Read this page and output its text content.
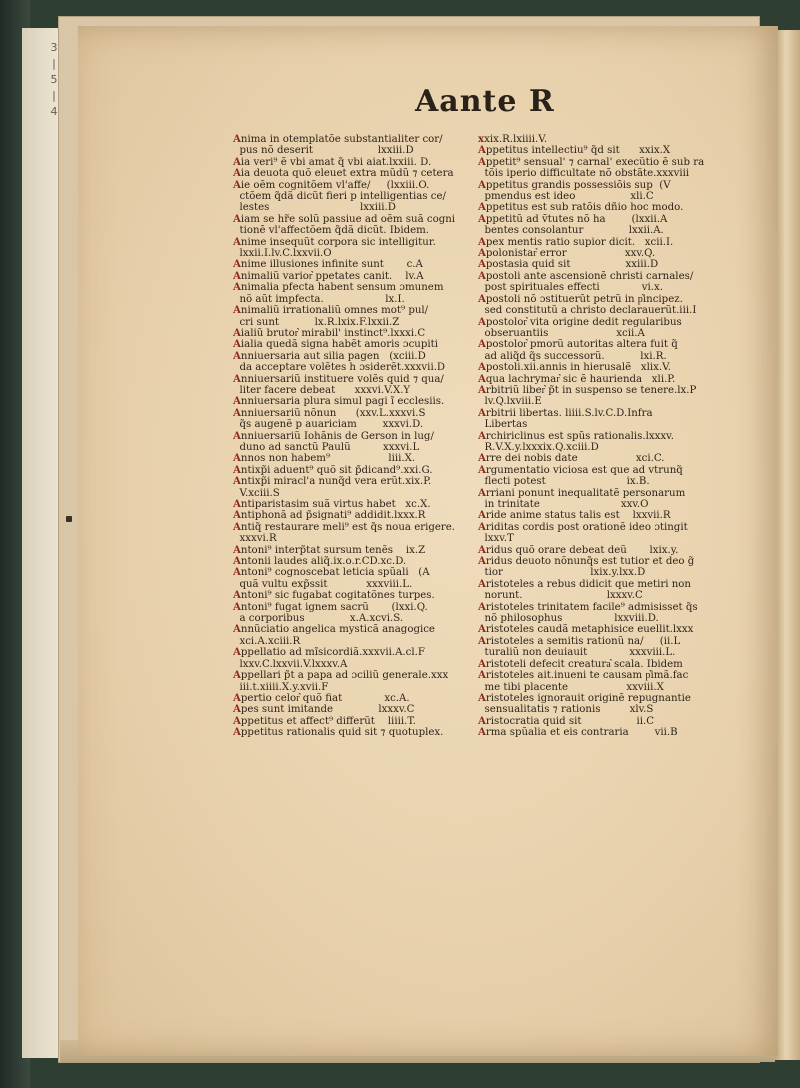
3 | 5 | 4	Aante R

Anima in otemplatõe substantialiter cor/

pus nõ deserit                    lxxiii.D

Aia veri⁹ ẽ vbi amat q̃ vbi aiat.lxxiii. D.

Aia deuota quõ eleuet extra mũdũ ⁊ cetera

Aie oẽm cognitõem vl'affe/     (lxxiii.O.

ctõem q̃dã dicũt fieri p intelligentias ce/

lestes                            lxxiii.D

Aiam se hr̃e solũ passiue ad oẽm suã cogni

tionẽ vl'affectõem q̃dã dicũt. Ibidem.

Anime insequũt corpora sic intelligitur.

lxxii.I.lv.C.lxxvii.O

Anime illusiones infinite sunt       c.A

Animaliũ varior͛ ppetates canit.    lv.A

Animalia pfecta habent sensum ɔmunem

nõ aũt impfecta.                   lx.I.

Animaliũ irrationaliũ omnes mot⁹ pul/

cri sunt           lx.R.lxix.F.lxxii.Z

Aialiũ brutor͛ mirabil' instinct⁹.lxxxi.C

Aialia quedã signa habẽt amoris ɔcupiti

Anniuersaria aut silia pagen   (xciii.D

da acceptare volẽtes h ɔsiderẽt.xxxvii.D

Anniuersariũ instituere volẽs quid ⁊ qua/

liter facere debeat      xxxvi.V.X.Y

Anniuersaria plura simul pagi ĩ ecclesiis.

Anniuersariũ nõnun      (xxv.L.xxxvi.S

q̃s augenẽ p auariciam        xxxvi.D.

Anniuersariũ Iohãnis de Gerson in lug/

duno ad sanctũ Paulũ          xxxvi.L

Annos non habem⁹                  liii.X.

Antixp̃i aduent⁹ quõ sit p̃dicand⁹.xxi.G.

Antixp̃i miracl'a nunq̃d vera erũt.xix.P.

V.xciii.S

Antiparistasim suã virtus habet   xc.X.

Antiphonã ad p̃signati⁹ addidit.lxxx.R

Antiq̃ restaurare meli⁹ est q̃s noua erigere.

xxxvi.R

Antoni⁹ interp̃tat sursum tenẽs    ix.Z

Antonii laudes aliq̃.ix.o.r.CD.xc.D.

Antoni⁹ cognoscebat leticia spũali   (A

quã vultu exp̃ssit            xxxviii.L.

Antoni⁹ sic fugabat cogitatõnes turpes.

Antoni⁹ fugat ignem sacrũ       (lxxi.Q.

a corporibus              x.A.xcvi.S.

Annũciatio angelica mysticã anagogice

xci.A.xciii.R

Appellatio ad mĩsicordiã.xxxvii.A.cl.F

lxxv.C.lxxvii.V.lxxxv.A

Appellari p̃t a papa ad ɔciliũ generale.xxx

iii.t.xiiii.X.y.xvii.F

Apertio celor͛ quõ fiat             xc.A.

Apes sunt imitande              lxxxv.C

Appetitus et affect⁹ differũt    liiii.T.

Appetitus rationalis quid sit ⁊ quotuplex.

xxix.R.lxiiii.V.

Appetitus intellectiu⁹ q̃d sit      xxix.X

Appetit⁹ sensual' ⁊ carnal' execũtio ẽ sub ra

tõis iperio difficultate nõ obstãte.xxxviii

Appetitus grandis possessiõis sup  (V

pmendus est ideo                 xli.C

Appetitus est sub ratõis dñio hoc modo.

Appetitũ ad v̄tutes nõ ha        (lxxii.A

bentes consolantur              lxxii.A.

Apex mentis ratio supior dicit.   xcii.I.

Apolonistar͛ error                  xxv.Q.

Apostasia quid sit                 xxiii.D

Apostoli ante ascensionẽ christi carnales/

post spirituales effecti             vi.x.

Apostoli nõ ɔstituerũt petrũ in p͛incipez.

sed constitutũ a christo declarauerũt.iii.I

Apostolor͛ vita origine dedit regularibus

obseruantiis                     xcii.A

Apostolor͛ pmorũ autoritas altera fuit q̃

ad aliq̃d q̃s successorũ.           lxi.R.

Apostoli.xii.annis in hierusalẽ   xlix.V.

Aqua lachrymar͛ sic ẽ haurienda   xli.P.

Arbitriũ liber͛ p̃t in suspenso se tenere.lx.P

lv.Q.lxviii.E

Arbitrii libertas. liiii.S.lv.C.D.Infra

Libertas

Archiriclinus est spũs rationalis.lxxxv.

R.V.X.y.lxxxix.Q.xciii.D

Arre dei nobis date                  xci.C.

Argumentatio viciosa est que ad vtrunq̃

flecti potest                         ix.B.

Arriani ponunt inequalitatẽ personarum

in trinitate                         xxv.O

Aride anime status talis est    lxxvii.R

Ariditas cordis post orationẽ ideo ɔtingit

lxxv.T

Aridus quõ orare debeat deũ       lxix.y.

Aridus deuoto nõnunq̃s est tutior et deo g̃

tior                           lxix.y.lxx.D

Aristoteles a rebus didicit que metiri non

norunt.                          lxxxv.C

Aristoteles trinitatem facile⁹ admisisset q̃s

nõ philosophus                lxxviii.D.

Aristoteles caudã metaphisice euellit.lxxx

Aristoteles a semitis rationũ na/     (ii.L

turaliũ non deuiauit             xxxviii.L.

Aristoteli defecit creatura͛ scala. Ibidem

Aristoteles ait.inueni te causam p͛imã.fac

me tibi placente                  xxviii.X

Aristoteles ignorauit originẽ repugnantie

sensualitatis ⁊ rationis         xlv.S

Aristocratia quid sit                 ii.C

Arma spũalia et eis contraria        vii.B
